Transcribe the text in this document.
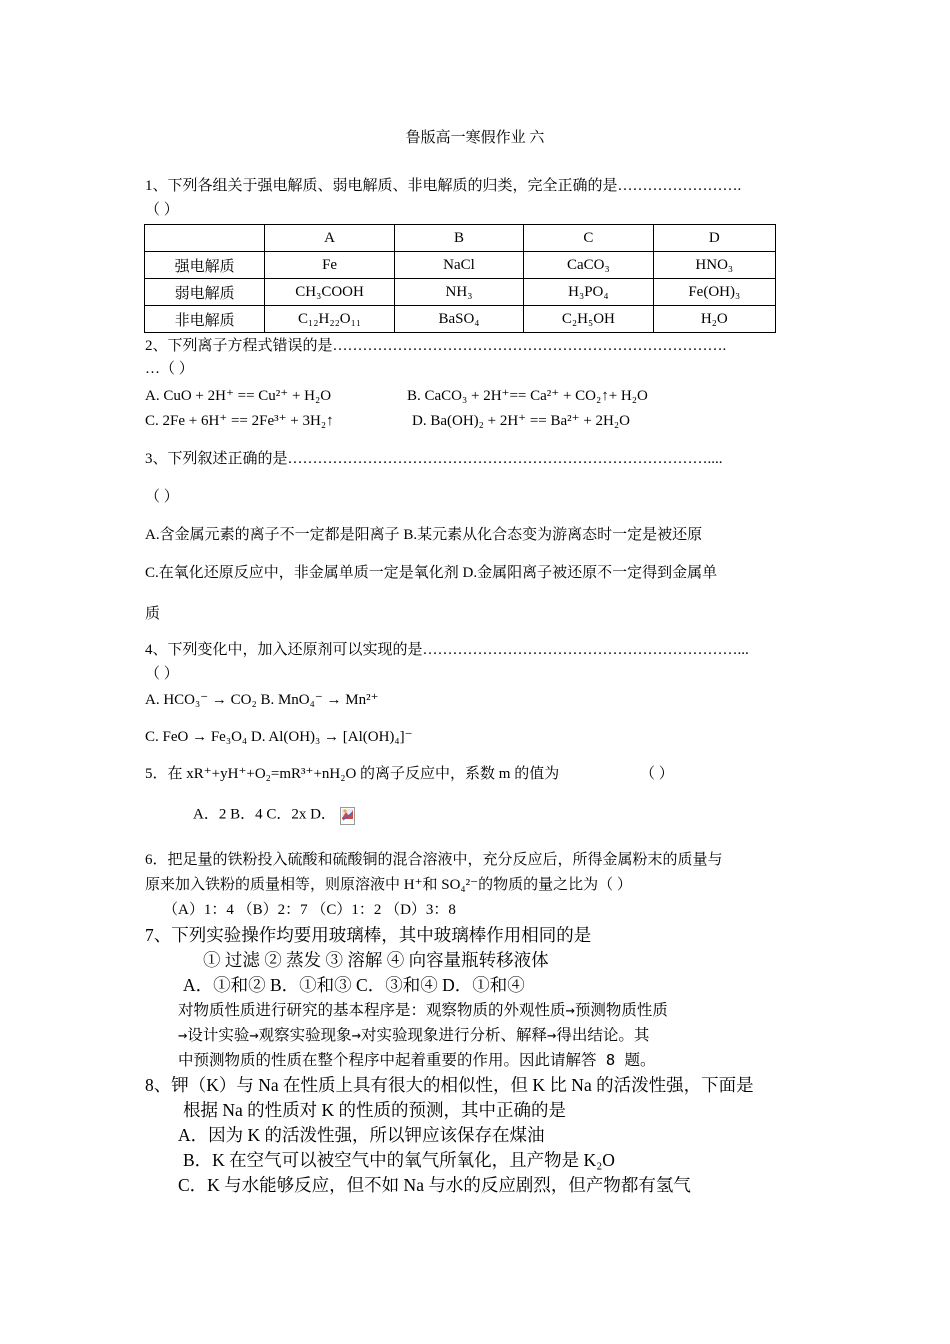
鲁版高一寒假作业 六
1、下列各组关于强电解质、弱电解质、非电解质的归类，完全正确的是…………………….
（ ）
	A	B	C	D
强电解质	Fe	NaCl	CaCO₃	HNO₃
弱电解质	CH₃COOH	NH₃	H₃PO₄	Fe(OH)₃
非电解质	C₁₂H₂₂O₁₁	BaSO₄	C₂H₅OH	H₂O
2、下列离子方程式错误的是…………………………………………………………………….
…（ ）
A. CuO + 2H⁺ == Cu²⁺ + H₂O	B. CaCO₃ + 2H⁺== Ca²⁺ + CO₂↑+ H₂O
C. 2Fe + 6H⁺ == 2Fe³⁺ + 3H₂↑	D. Ba(OH)₂ + 2H⁺ == Ba²⁺ + 2H₂O
3、下列叙述正确的是…………………………………………………………………………....
（ ）
A.含金属元素的离子不一定都是阳离子 B.某元素从化合态变为游离态时一定是被还原
C.在氧化还原反应中，非金属单质一定是氧化剂 D.金属阳离子被还原不一定得到金属单
质
4、下列变化中，加入还原剂可以实现的是………………………………………………………...
（ ）
A. HCO₃⁻ → CO₂ B. MnO₄⁻ → Mn²⁺
C. FeO → Fe₃O₄ D. Al(OH)₃ → [Al(OH)₄]⁻
5．在 xR⁺+yH⁺+O₂=mR³⁺+nH₂O 的离子反应中，系数 m 的值为	（ ）
A．2 B．4 C．2x D．
6．把足量的铁粉投入硫酸和硫酸铜的混合溶液中，充分反应后，所得金属粉末的质量与
原来加入铁粉的质量相等，则原溶液中 H⁺和 SO₄²⁻的物质的量之比为（ ）
（A）1：4 （B）2：7 （C）1：2 （D）3：8
7、下列实验操作均要用玻璃棒，其中玻璃棒作用相同的是
① 过滤 ② 蒸发 ③ 溶解 ④ 向容量瓶转移液体
A．①和② B．①和③ C．③和④ D．①和④
对物质性质进行研究的基本程序是：观察物质的外观性质→预测物质性质
→设计实验→观察实验现象→对实验现象进行分析、解释→得出结论。其
中预测物质的性质在整个程序中起着重要的作用。因此请解答 8 题。
8、钾（K）与 Na 在性质上具有很大的相似性，但 K 比 Na 的活泼性强，下面是
根据 Na 的性质对 K 的性质的预测，其中正确的是
A．因为 K 的活泼性强，所以钾应该保存在煤油
B．K 在空气可以被空气中的氧气所氧化，且产物是 K₂O
C．K 与水能够反应，但不如 Na 与水的反应剧烈，但产物都有氢气
